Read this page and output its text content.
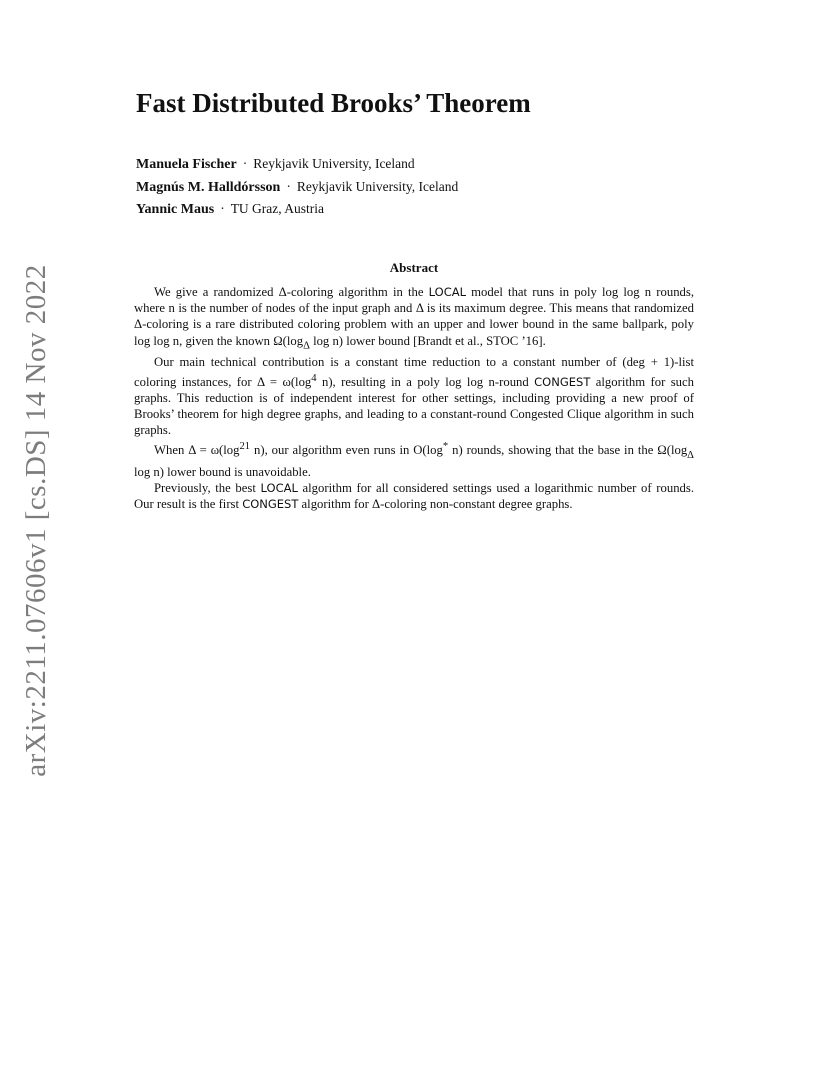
arXiv:2211.07606v1 [cs.DS] 14 Nov 2022
Fast Distributed Brooks’ Theorem
Manuela Fischer · Reykjavik University, Iceland
Magnús M. Halldórsson · Reykjavik University, Iceland
Yannic Maus · TU Graz, Austria
Abstract

We give a randomized Δ-coloring algorithm in the LOCAL model that runs in poly log log n rounds, where n is the number of nodes of the input graph and Δ is its maximum degree. This means that randomized Δ-coloring is a rare distributed coloring problem with an upper and lower bound in the same ballpark, poly log log n, given the known $\Omega(\log_\Delta$ log n) lower bound [Brandt et al., STOC ’16].

Our main technical contribution is a constant time reduction to a constant number of (deg + 1)-list coloring instances, for $\Delta = \omega(\log^4$ n), resulting in a poly log log n-round CONGEST algorithm for such graphs. This reduction is of independent interest for other settings, including providing a new proof of Brooks’ theorem for high degree graphs, and leading to a constant-round Congested Clique algorithm in such graphs.

When $\Delta = \omega(\log^{21}$ n), our algorithm even runs in O(log* n) rounds, showing that the base in the $\Omega(\log_\Delta$ log n) lower bound is unavoidable.

Previously, the best LOCAL algorithm for all considered settings used a logarithmic number of rounds. Our result is the first CONGEST algorithm for Δ-coloring non-constant degree graphs.
